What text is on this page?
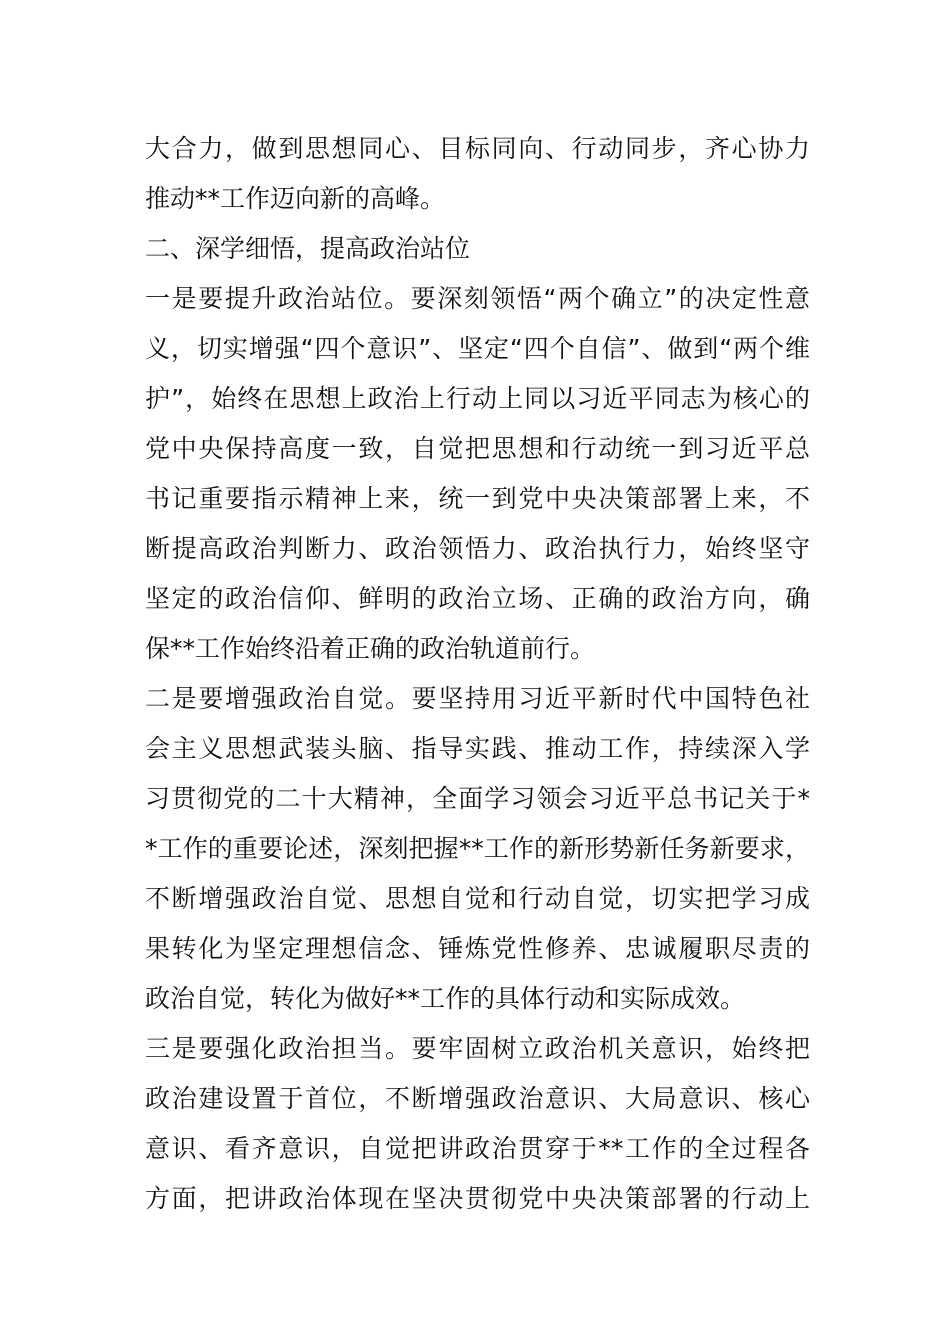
大合力，做到思想同心、目标同向、行动同步，齐心协力
推动**工作迈向新的高峰。
二、深学细悟，提高政治站位
一是要提升政治站位。要深刻领悟“两个确立”的决定性意
义，切实增强“四个意识”、坚定“四个自信”、做到“两个维
护”，始终在思想上政治上行动上同以习近平同志为核心的
党中央保持高度一致，自觉把思想和行动统一到习近平总
书记重要指示精神上来，统一到党中央决策部署上来，不
断提高政治判断力、政治领悟力、政治执行力，始终坚守
坚定的政治信仰、鲜明的政治立场、正确的政治方向，确
保**工作始终沿着正确的政治轨道前行。
二是要增强政治自觉。要坚持用习近平新时代中国特色社
会主义思想武装头脑、指导实践、推动工作，持续深入学
习贯彻党的二十大精神，全面学习领会习近平总书记关于*
*工作的重要论述，深刻把握**工作的新形势新任务新要求，
不断增强政治自觉、思想自觉和行动自觉，切实把学习成
果转化为坚定理想信念、锤炼党性修养、忠诚履职尽责的
政治自觉，转化为做好**工作的具体行动和实际成效。
三是要强化政治担当。要牢固树立政治机关意识，始终把
政治建设置于首位，不断增强政治意识、大局意识、核心
意识、看齐意识，自觉把讲政治贯穿于**工作的全过程各
方面，把讲政治体现在坚决贯彻党中央决策部署的行动上
